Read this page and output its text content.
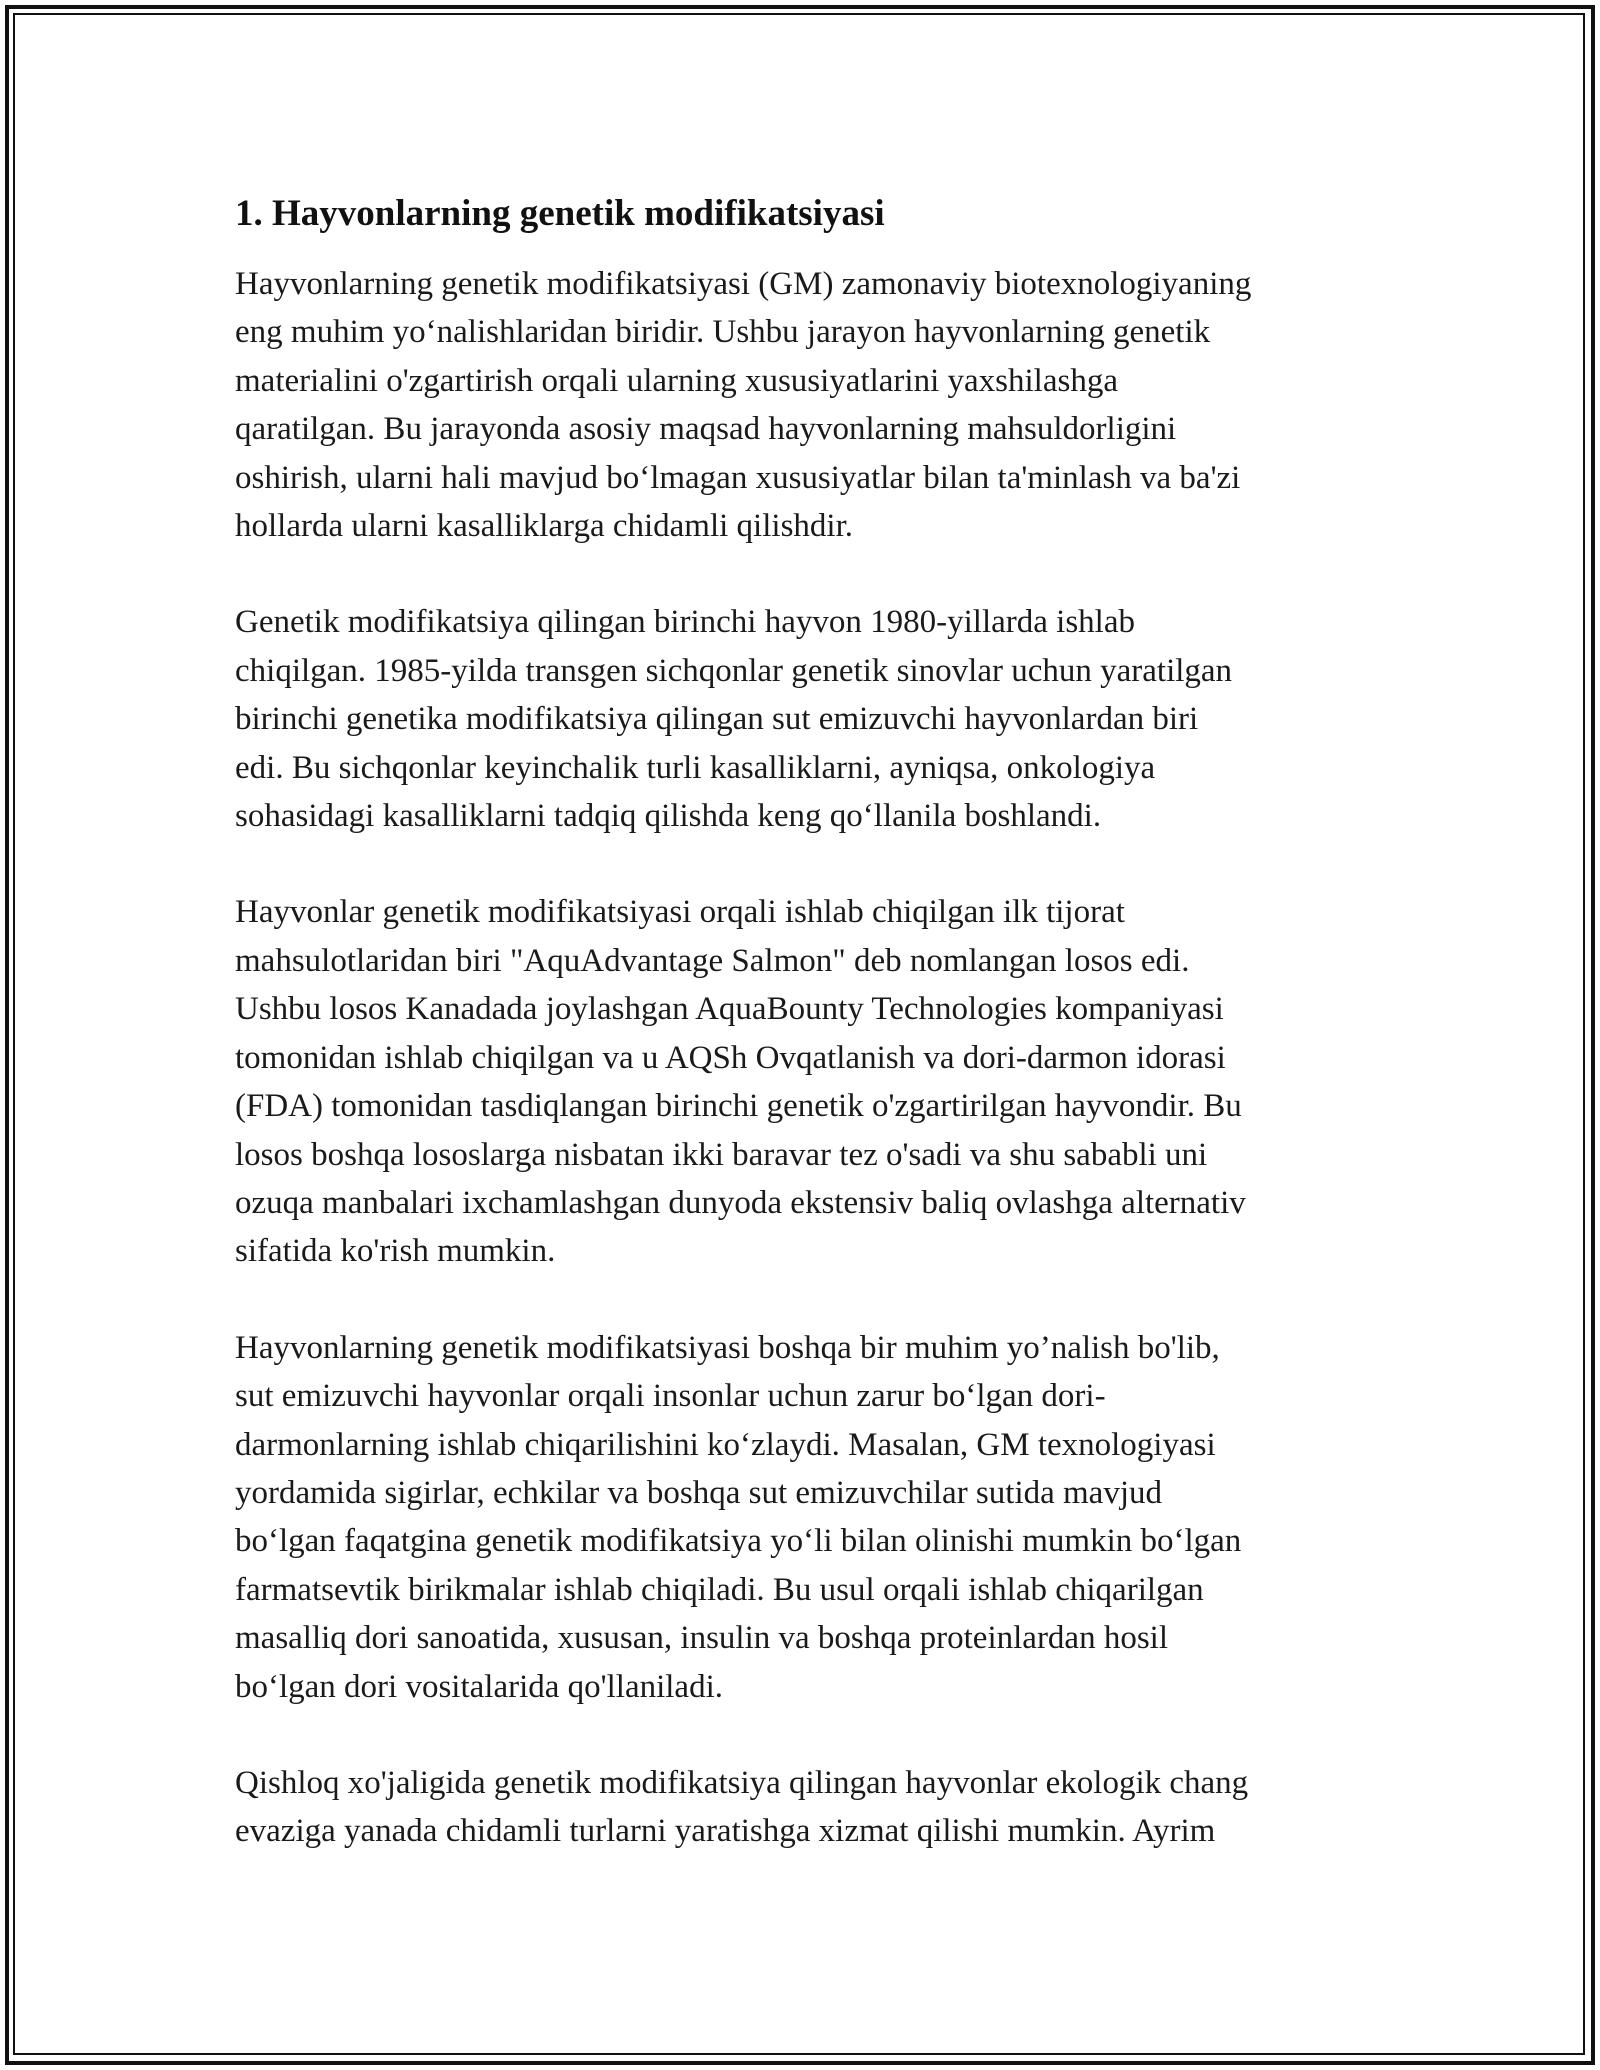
1. Hayvonlarning genetik modifikatsiyasi

Hayvonlarning genetik modifikatsiyasi (GM) zamonaviy biotexnologiyaning
eng muhim yo‘nalishlaridan biridir. Ushbu jarayon hayvonlarning genetik
materialini o'zgartirish orqali ularning xususiyatlarini yaxshilashga
qaratilgan. Bu jarayonda asosiy maqsad hayvonlarning mahsuldorligini
oshirish, ularni hali mavjud bo‘lmagan xususiyatlar bilan ta'minlash va ba'zi
hollarda ularni kasalliklarga chidamli qilishdir.

Genetik modifikatsiya qilingan birinchi hayvon 1980-yillarda ishlab
chiqilgan. 1985-yilda transgen sichqonlar genetik sinovlar uchun yaratilgan
birinchi genetika modifikatsiya qilingan sut emizuvchi hayvonlardan biri
edi. Bu sichqonlar keyinchalik turli kasalliklarni, ayniqsa, onkologiya
sohasidagi kasalliklarni tadqiq qilishda keng qo‘llanila boshlandi.

Hayvonlar genetik modifikatsiyasi orqali ishlab chiqilgan ilk tijorat
mahsulotlaridan biri "AquAdvantage Salmon" deb nomlangan losos edi.
Ushbu losos Kanadada joylashgan AquaBounty Technologies kompaniyasi
tomonidan ishlab chiqilgan va u AQSh Ovqatlanish va dori-darmon idorasi
(FDA) tomonidan tasdiqlangan birinchi genetik o'zgartirilgan hayvondir. Bu
losos boshqa lososlarga nisbatan ikki baravar tez o'sadi va shu sababli uni
ozuqa manbalari ixchamlashgan dunyoda ekstensiv baliq ovlashga alternativ
sifatida ko'rish mumkin.

Hayvonlarning genetik modifikatsiyasi boshqa bir muhim yo’nalish bo'lib,
sut emizuvchi hayvonlar orqali insonlar uchun zarur bo‘lgan dori-
darmonlarning ishlab chiqarilishini ko‘zlaydi. Masalan, GM texnologiyasi
yordamida sigirlar, echkilar va boshqa sut emizuvchilar sutida mavjud
bo‘lgan faqatgina genetik modifikatsiya yo‘li bilan olinishi mumkin bo‘lgan
farmatsevtik birikmalar ishlab chiqiladi. Bu usul orqali ishlab chiqarilgan
masalliq dori sanoatida, xususan, insulin va boshqa proteinlardan hosil
bo‘lgan dori vositalarida qo'llaniladi.

Qishloq xo'jaligida genetik modifikatsiya qilingan hayvonlar ekologik chang
evaziga yanada chidamli turlarni yaratishga xizmat qilishi mumkin. Ayrim
